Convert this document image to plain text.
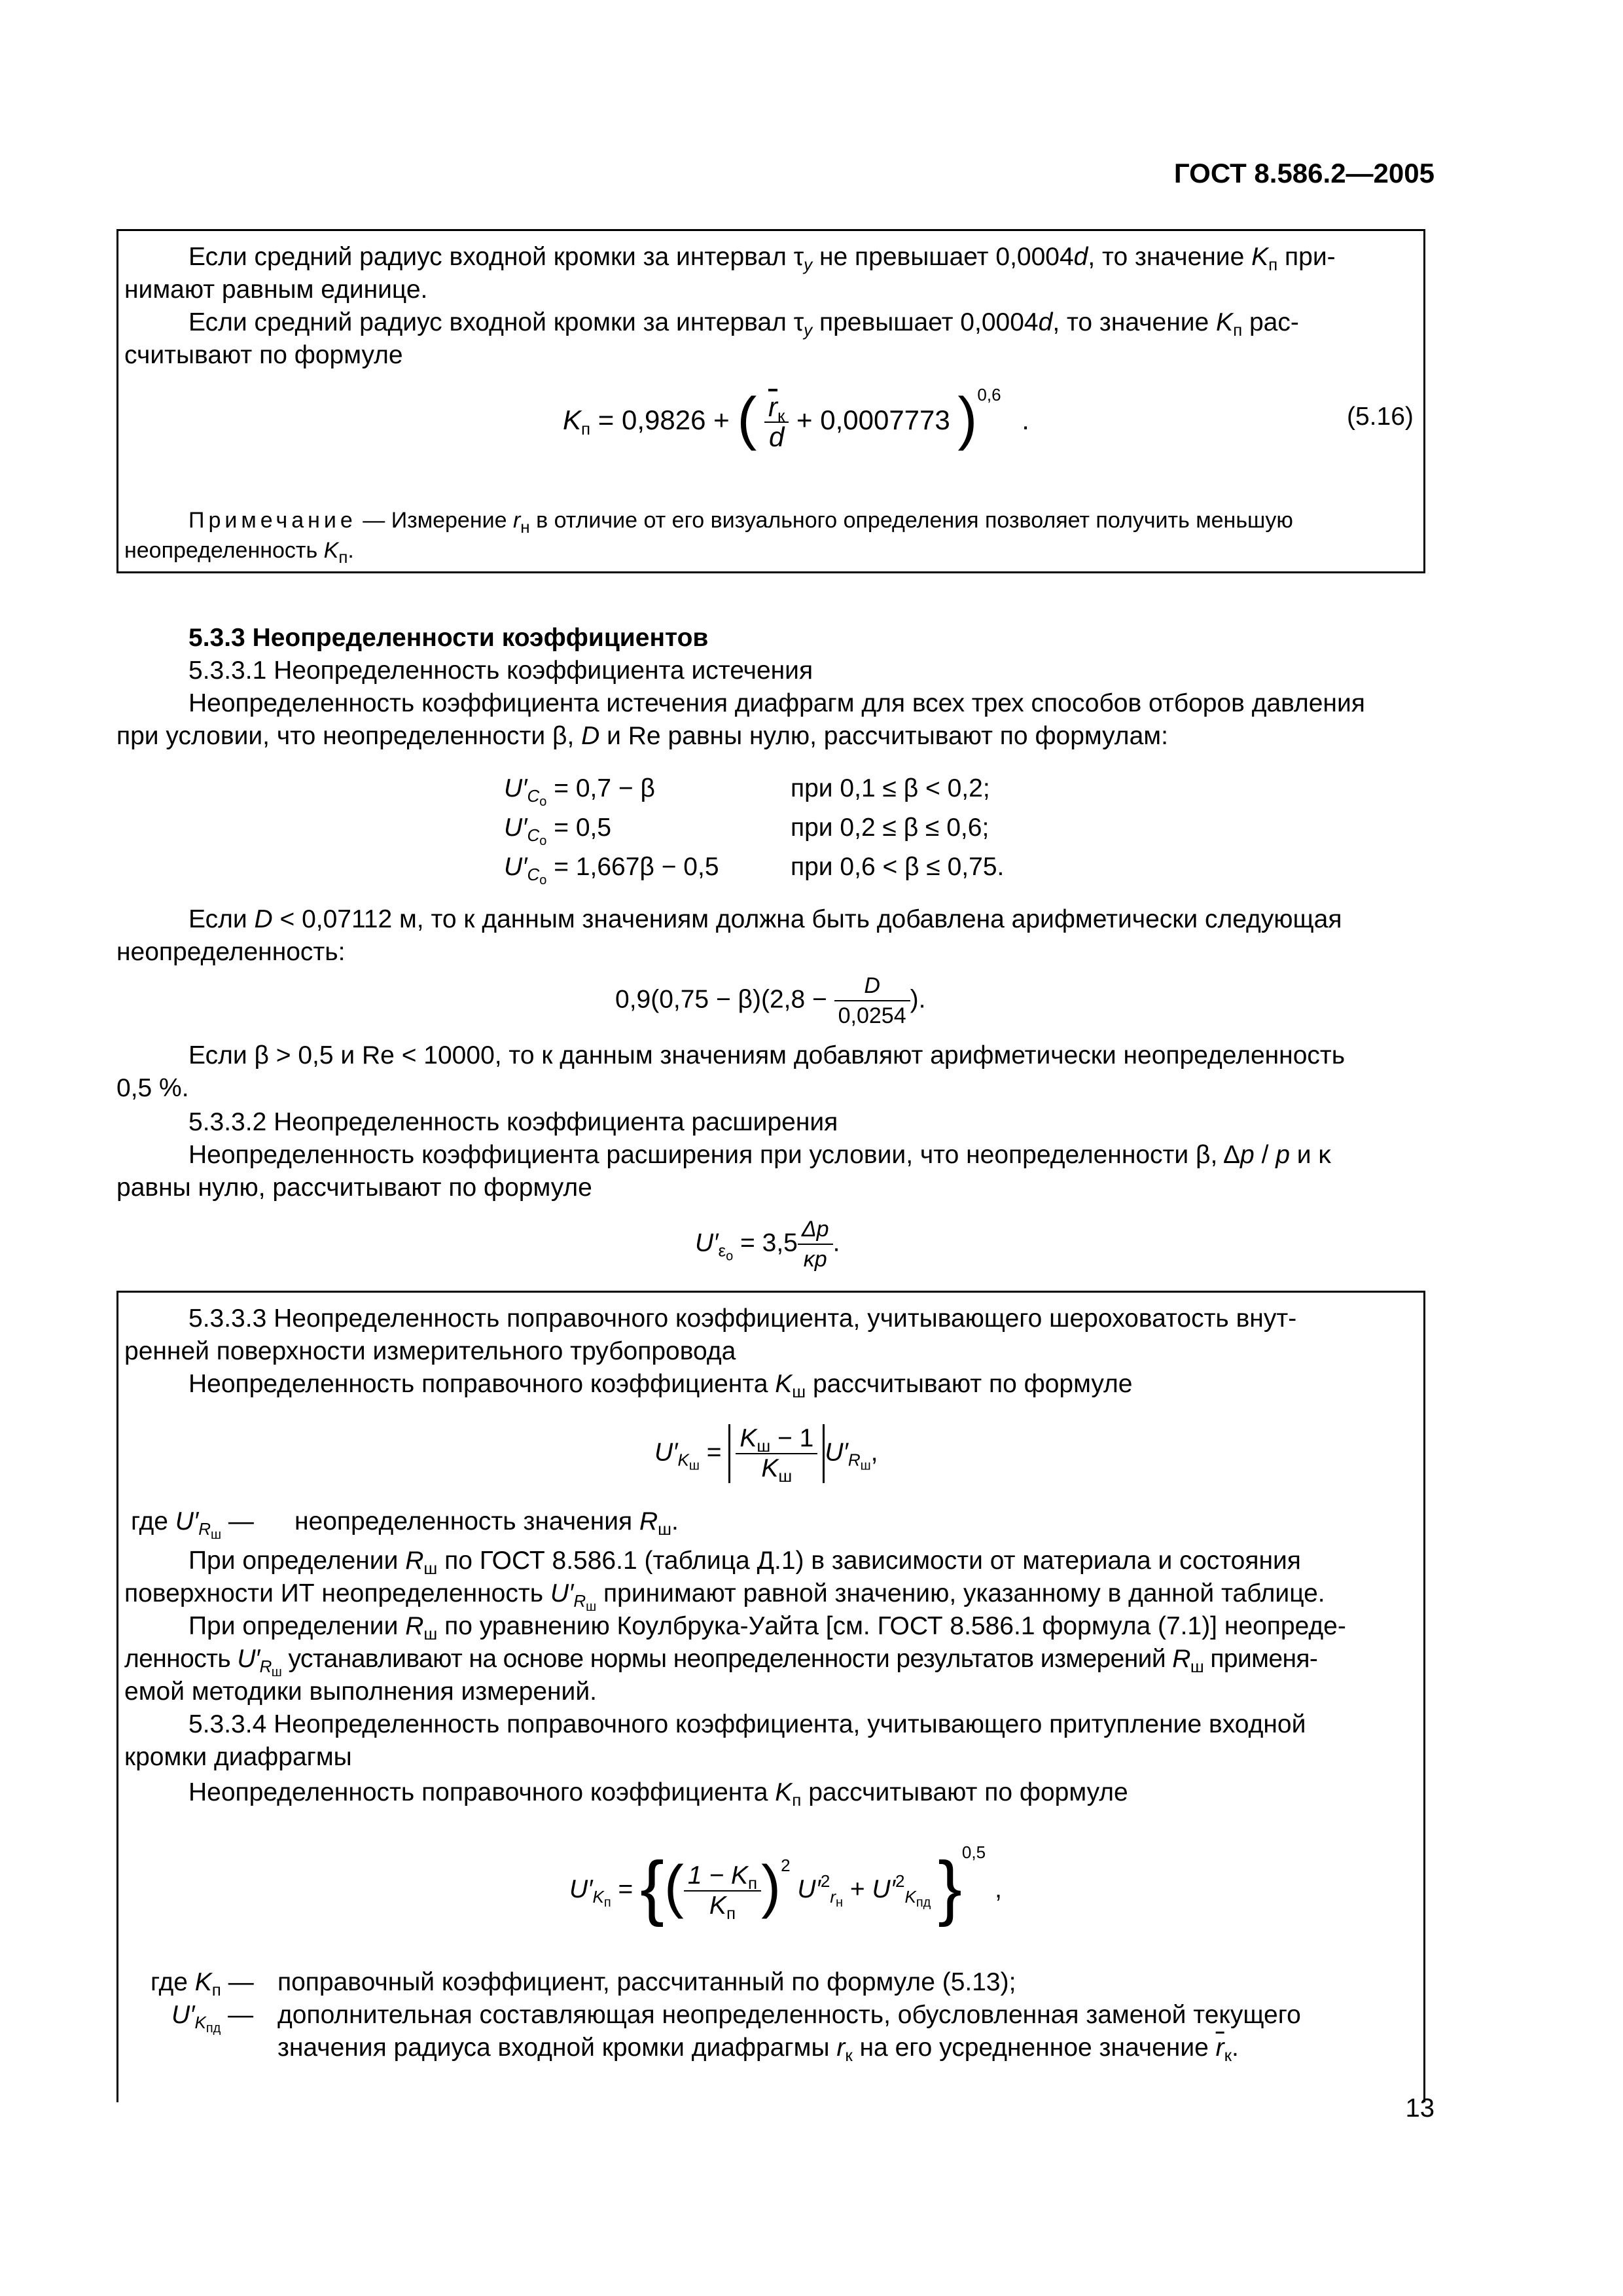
ГОСТ 8.586.2—2005
Если средний радиус входной кромки за интервал $\tau_y$ не превышает 0,0004d, то значение $K_п$ при-
нимают равным единице.
Если средний радиус входной кромки за интервал $\tau_y$ превышает 0,0004d, то значение $K_п$ рас-
считывают по формуле
$K_п = 0,9826$ + ( $\frac{\overline{r}_к}{d} + 0,0007773$ )$^{0,6}$ .	(5.16)
Примечание — Измерение $r_н$ в отличие от его визуального определения позволяет получить меньшую
неопределенность $K_п$.
5.3.3 Неопределенности коэффициентов
5.3.3.1 Неопределенность коэффициента истечения
Неопределенность коэффициента истечения диафрагм для всех трех способов отборов давления
при условии, что неопределенности β, D и Re равны нулю, рассчитывают по формулам:
$U'_{Co} = 0,7 - \beta$	при 0,1 ≤ β < 0,2;
$U'_{Co} = 0,5$	при 0,2 ≤ β ≤ 0,6;
$U'_{Co} = 1,667\beta - 0,5$	при 0,6 < β ≤ 0,75.
Если D < 0,07112 м, то к данным значениям должна быть добавлена арифметически следующая
неопределенность:
$0,9(0,75 - \beta)(2,8 - \frac{D}{0,0254}$ ).
Если β > 0,5 и Re < 10000, то к данным значениям добавляют арифметически неопределенность
0,5 %.
5.3.3.2 Неопределенность коэффициента расширения
Неопределенность коэффициента расширения при условии, что неопределенности β, Δp / p и κ
равны нулю, рассчитывают по формуле
$U'_{\varepsilon o} = 3,5 \frac{\Delta p}{\kappa p}$ .
5.3.3.3 Неопределенность поправочного коэффициента, учитывающего шероховатость внут-
ренней поверхности измерительного трубопровода
Неопределенность поправочного коэффициента $K_ш$ рассчитывают по формуле
$U'_{Kш} = \frac{K_ш - 1}{K_ш} U'_{Rш}$,
где $U'_{Rш}$ — неопределенность значения $R_ш$.
При определении $R_ш$ по ГОСТ 8.586.1 (таблица Д.1) в зависимости от материала и состояния
поверхности ИТ неопределенность $U'_{Rш}$ принимают равной значению, указанному в данной таблице.
При определении $R_ш$ по уравнению Коулбрука-Уайта [см. ГОСТ 8.586.1 формула (7.1)] неопреде-
ленность $U'_{Rш}$ устанавливают на основе нормы неопределенности результатов измерений $R_ш$ применя-
емой методики выполнения измерений.
5.3.3.4 Неопределенность поправочного коэффициента, учитывающего притупление входной
кромки диафрагмы
Неопределенность поправочного коэффициента $K_п$ рассчитывают по формуле
$U'_{Kп}$ = {( $\frac{1 - K_п}{K_п} )^2$ $U'^2_{rн} + U'^2_{Kпд}$ }$^{0,5}$,
где $K_п$ — поправочный коэффициент, рассчитанный по формуле (5.13);
$U'_{Kпд}$ — дополнительная составляющая неопределенность, обусловленная заменой текущего
значения радиуса входной кромки диафрагмы $r_к$ на его усредненное значение $\overline{r}_к$.
13
